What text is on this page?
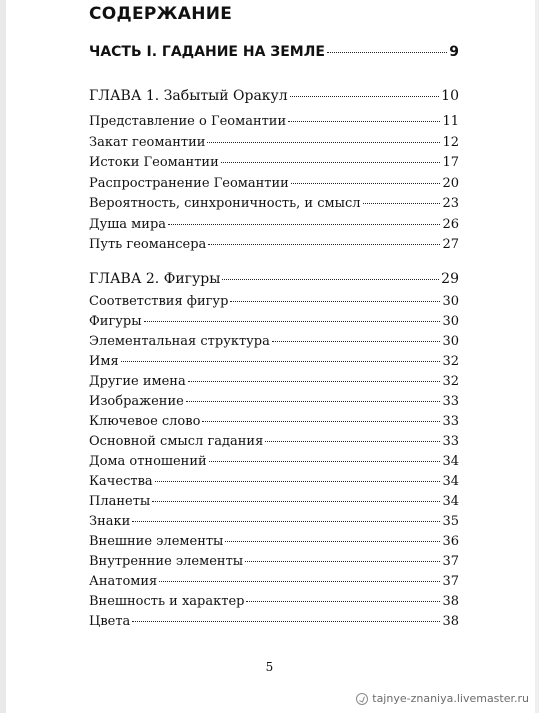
СОДЕРЖАНИЕ
ЧАСТЬ I. ГАДАНИЕ НА ЗЕМЛЕ	9
ГЛАВА 1. Забытый Оракул	10
Представление о Геомантии	11
Закат геомантии	12
Истоки Геомантии	17
Распространение Геомантии	20
Вероятность, синхроничность, и смысл	23
Душа мира	26
Путь геомансера	27
ГЛАВА 2. Фигуры	29
Соответствия фигур	30
Фигуры	30
Элементальная структура	30
Имя	32
Другие имена	32
Изображение	33
Ключевое слово	33
Основной смысл гадания	33
Дома отношений	34
Качества	34
Планеты	34
Знаки	35
Внешние элементы	36
Внутренние элементы	37
Анатомия	37
Внешность и характер	38
Цвета	38
5
tajnye-znaniya.livemaster.ru
